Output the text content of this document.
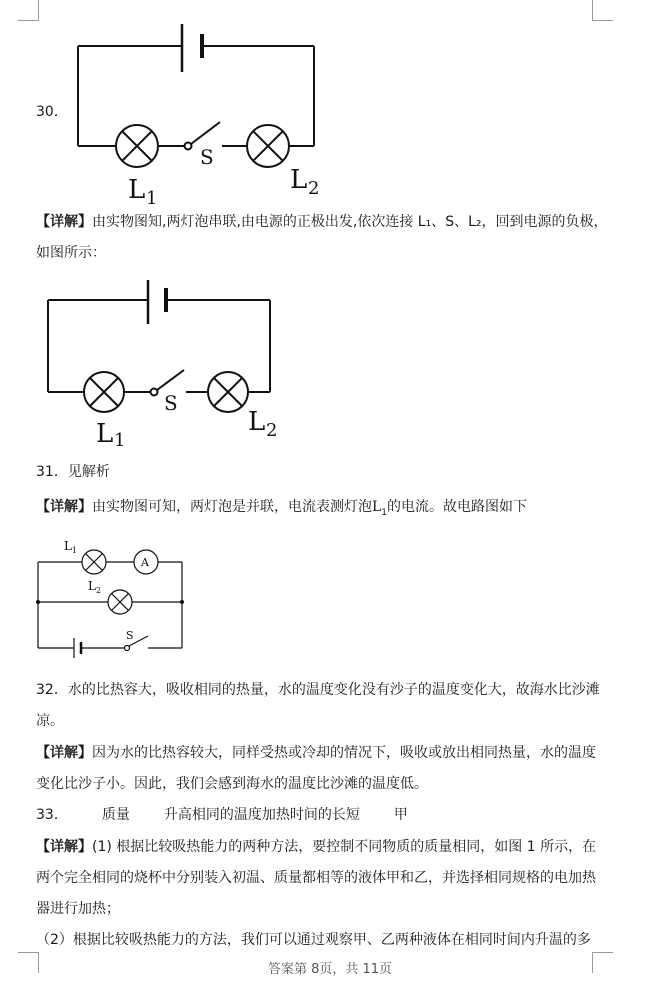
30．
S
L 1
L 2
【详解】由实物图知,两灯泡串联,由电源的正极出发,依次连接 L₁、S、L₂，回到电源的负极，
如图所示：
S
L 1
L 2
31．见解析
【详解】由实物图可知，两灯泡是并联，电流表测灯泡$L_1$的电流。故电路图如下
L 1
A
L 2
S
32．水的比热容大，吸收相同的热量，水的温度变化没有沙子的温度变化大，故海水比沙滩
凉。
【详解】因为水的比热容较大，同样受热或冷却的情况下，吸收或放出相同热量，水的温度
变化比沙子小。因此，我们会感到海水的温度比沙滩的温度低。
33． 质量 升高相同的温度加热时间的长短 甲
【详解】(1) 根据比较吸热能力的两种方法，要控制不同物质的质量相同，如图 1 所示，在
两个完全相同的烧杯中分别装入初温、质量都相等的液体甲和乙，并选择相同规格的电加热
器进行加热；
（2）根据比较吸热能力的方法，我们可以通过观察甲、乙两种液体在相同时间内升温的多
答案第 8页，共 11页
